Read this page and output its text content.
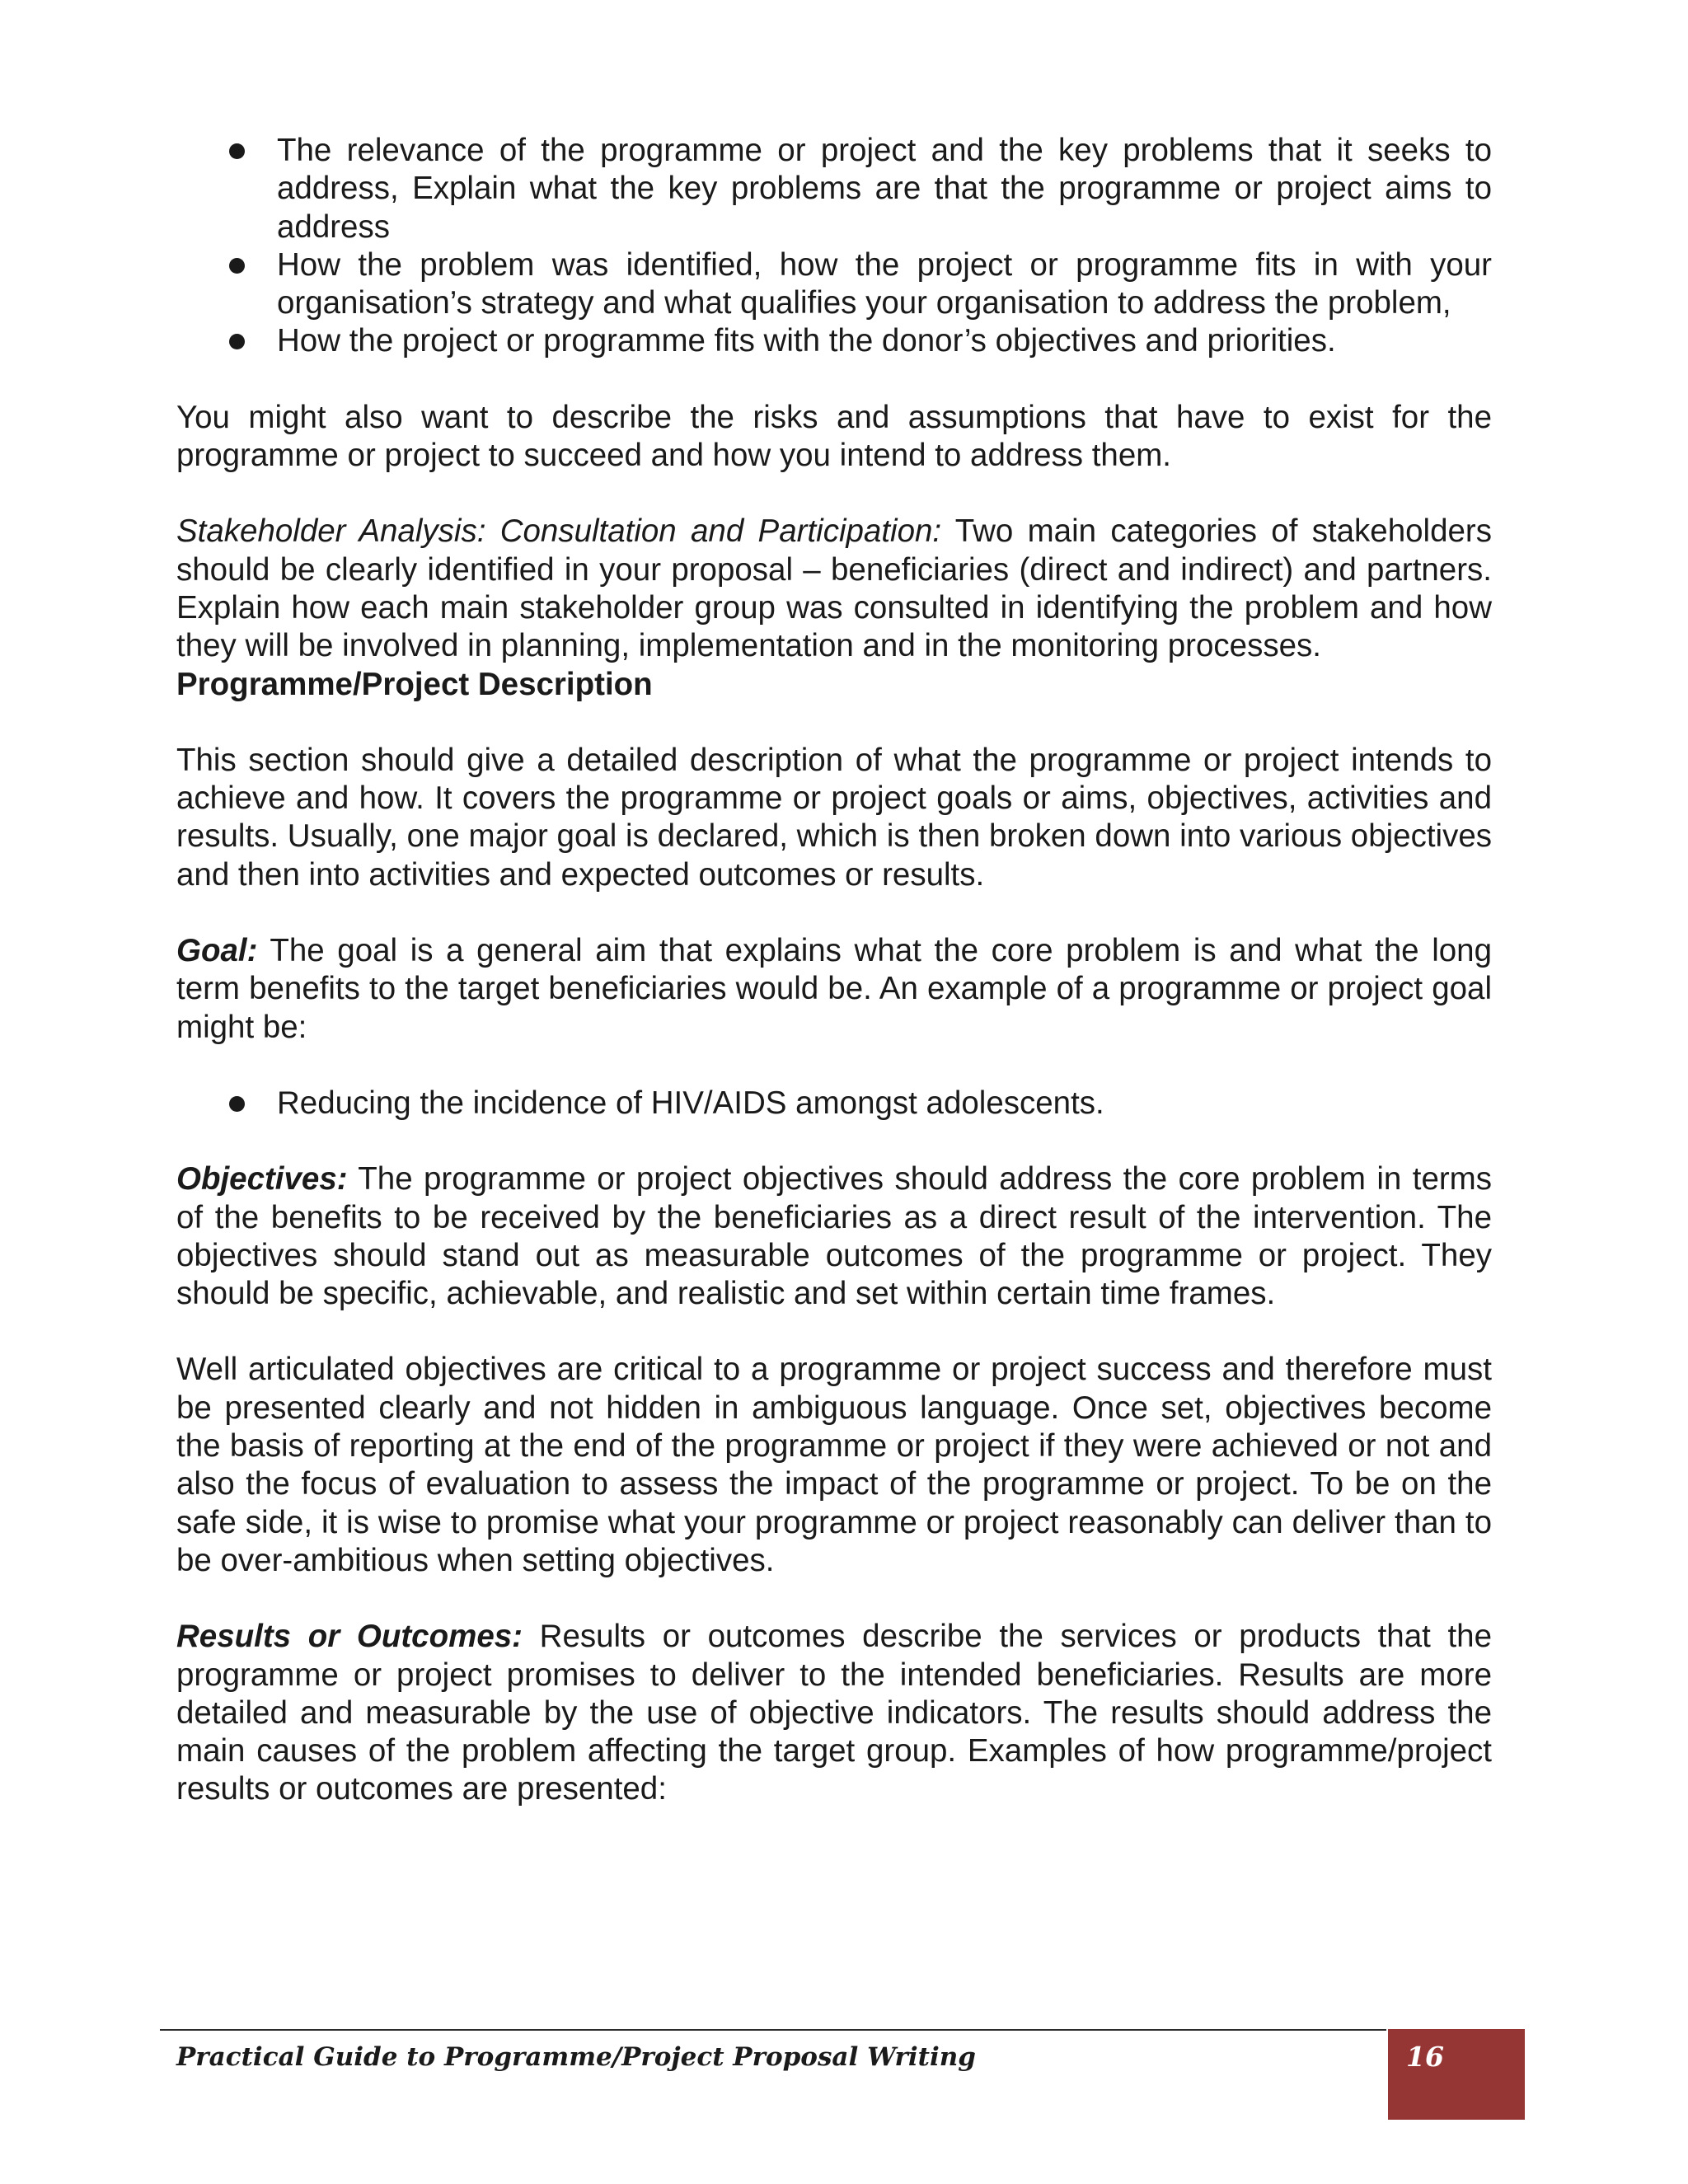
The relevance of the programme or project and the key problems that it seeks to address, Explain what the key problems are that the programme or project aims to address
How the problem was identified, how the project or programme fits in with your organisation’s strategy and what qualifies your organisation to address the problem,
How the project or programme fits with the donor’s objectives and priorities.

You might also want to describe the risks and assumptions that have to exist for the programme or project to succeed and how you intend to address them.

Stakeholder Analysis: Consultation and Participation: Two main categories of stakeholders should be clearly identified in your proposal – beneficiaries (direct and indirect) and partners. Explain how each main stakeholder group was consulted in identifying the problem and how they will be involved in planning, implementation and in the monitoring processes.

Programme/Project Description

This section should give a detailed description of what the programme or project intends to achieve and how. It covers the programme or project goals or aims, objectives, activities and results. Usually, one major goal is declared, which is then broken down into various objectives and then into activities and expected outcomes or results.

Goal: The goal is a general aim that explains what the core problem is and what the long term benefits to the target beneficiaries would be. An example of a programme or project goal might be:

Reducing the incidence of HIV/AIDS amongst adolescents.

Objectives: The programme or project objectives should address the core problem in terms of the benefits to be received by the beneficiaries as a direct result of the intervention. The objectives should stand out as measurable outcomes of the programme or project. They should be specific, achievable, and realistic and set within certain time frames.

Well articulated objectives are critical to a programme or project success and therefore must be presented clearly and not hidden in ambiguous language. Once set, objectives become the basis of reporting at the end of the programme or project if they were achieved or not and also the focus of evaluation to assess the impact of the programme or project. To be on the safe side, it is wise to promise what your programme or project reasonably can deliver than to be over-ambitious when setting objectives.

Results or Outcomes: Results or outcomes describe the services or products that the programme or project promises to deliver to the intended beneficiaries. Results are more detailed and measurable by the use of objective indicators. The results should address the main causes of the problem affecting the target group. Examples of how programme/project results or outcomes are presented:

Practical Guide to Programme/Project Proposal Writing	16
